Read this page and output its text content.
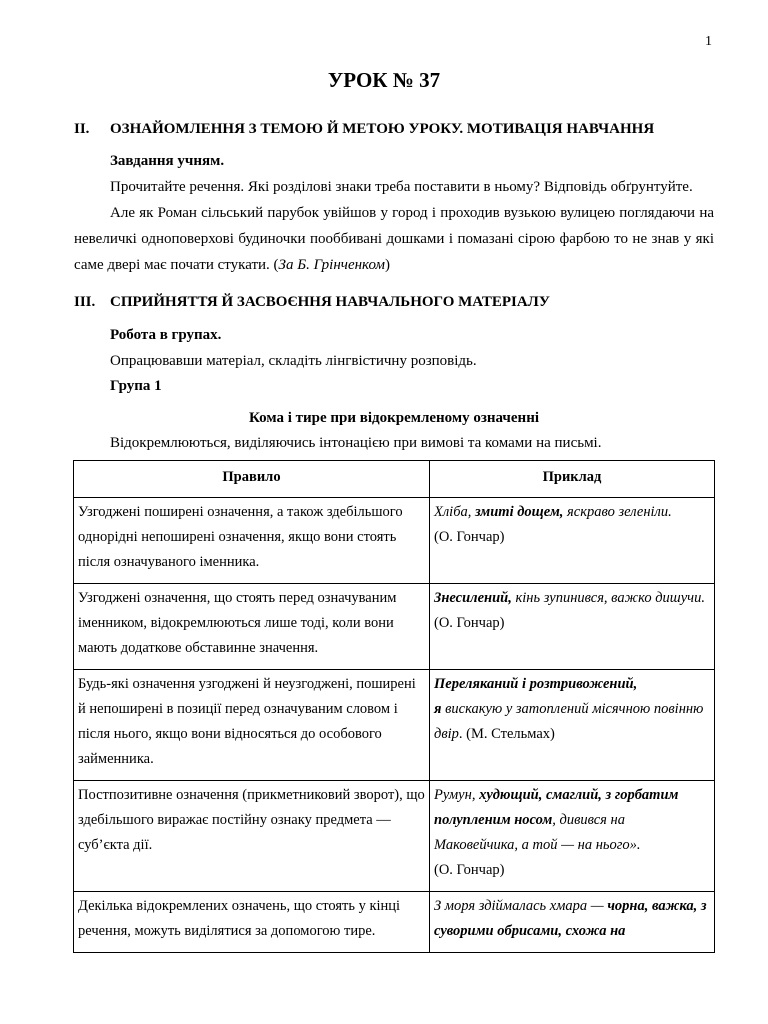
1
УРОК № 37
II.	ОЗНАЙОМЛЕННЯ З ТЕМОЮ Й МЕТОЮ УРОКУ. МОТИВАЦІЯ НАВЧАННЯ

Завдання учням.

Прочитайте речення. Які розділові знаки треба поставити в ньому? Відповідь обґрунтуйте.

Але як Роман сільський парубок увійшов у город і проходив вузькою вулицею поглядаючи на невеличкі одноповерхові будиночки пооббивані дошками і помазані сірою фарбою то не знав у які саме двері має почати стукати. (За Б. Грінченком)

III. СПРИЙНЯТТЯ Й ЗАСВОЄННЯ НАВЧАЛЬНОГО МАТЕРІАЛУ

Робота в групах.

Опрацювавши матеріал, складіть лінгвістичну розповідь.

Група 1

Кома і тире при відокремленому означенні

Відокремлюються, виділяючись інтонацією при вимові та комами на письмі.

Правило	Приклад
Узгоджені поширені означення, а також здебільшого однорідні непоширені означення, якщо вони стоять після означуваного іменника.	Хліба, змиті дощем, яскраво зеленіли.
(О. Гончар)
Узгоджені означення, що стоять перед означуваним іменником, відокремлюються лише тоді, коли вони мають додаткове обставинне значення.	Знесилений, кінь зупинився, важко дишучи. (О. Гончар)
Будь-які означення узгоджені й неузгоджені, поширені й непоширені в позиції перед означуваним словом і після нього, якщо вони відносяться до особового займенника.	Переляканий і розтривожений,
я вискакую у затоплений місячною повінню двір. (М. Стельмах)
Постпозитивне означення (прикметниковий зворот), що здебільшого виражає постійну ознаку предмета — суб’єкта дії.	Румун, худющий, смаглий, з горбатим полупленим носом, дивився на Маковейчика, а той — на нього».
(О. Гончар)
Декілька відокремлених означень, що стоять у кінці речення, можуть виділятися за допомогою тире.	З моря здіймалась хмара — чорна, важка, з суворими обрисами, схожа на
